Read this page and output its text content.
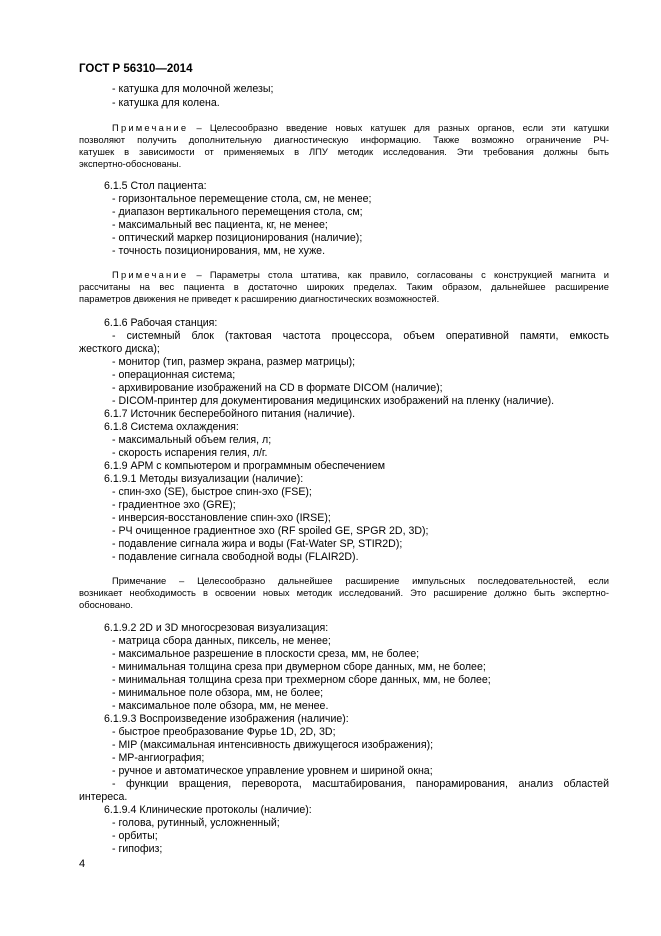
ГОСТ Р 56310—2014
- катушка для молочной железы;
- катушка для колена.
Примечание – Целесообразно введение новых катушек для разных органов, если эти катушки
позволяют получить дополнительную диагностическую информацию. Также возможно ограничение РЧ-
катушек в зависимости от применяемых в ЛПУ методик исследования. Эти требования должны быть
экспертно-обоснованы.
6.1.5 Стол пациента:
- горизонтальное перемещение стола, см, не менее;
- диапазон вертикального перемещения стола, см;
- максимальный вес пациента, кг, не менее;
- оптический маркер позиционирования (наличие);
- точность позиционирования, мм, не хуже.
Примечание – Параметры стола штатива, как правило, согласованы с конструкцией магнита и
рассчитаны на вес пациента в достаточно широких пределах. Таким образом, дальнейшее расширение
параметров движения не приведет к расширению диагностических возможностей.
6.1.6 Рабочая станция:
- системный блок (тактовая частота процессора, объем оперативной памяти, емкость
жесткого диска);
- монитор (тип, размер экрана, размер матрицы);
- операционная система;
- архивирование изображений на CD в формате DICOM (наличие);
- DICOM-принтер для документирования медицинских изображений на пленку (наличие).
6.1.7 Источник бесперебойного питания (наличие).
6.1.8 Система охлаждения:
- максимальный объем гелия, л;
- скорость испарения гелия, л/г.
6.1.9 АРМ с компьютером и программным обеспечением
6.1.9.1 Методы визуализации (наличие):
- спин-эхо (SE), быстрое спин-эхо (FSE);
- градиентное эхо (GRE);
- инверсия-восстановление спин-эхо (IRSE);
- РЧ очищенное градиентное эхо (RF spoiled GE, SPGR 2D, 3D);
- подавление сигнала жира и воды (Fat-Water SP, STIR2D);
- подавление сигнала свободной воды (FLAIR2D).
Примечание – Целесообразно дальнейшее расширение импульсных последовательностей, если
возникает необходимость в освоении новых методик исследований. Это расширение должно быть экспертно-
обосновано.
6.1.9.2 2D и 3D многосрезовая визуализация:
- матрица сбора данных, пиксель, не менее;
- максимальное разрешение в плоскости среза, мм, не более;
- минимальная толщина среза при двумерном сборе данных, мм, не более;
- минимальная толщина среза при трехмерном сборе данных, мм, не более;
- минимальное поле обзора, мм, не более;
- максимальное поле обзора, мм, не менее.
6.1.9.3 Воспроизведение изображения (наличие):
- быстрое преобразование Фурье 1D, 2D, 3D;
- MIP (максимальная интенсивность движущегося изображения);
- МР-ангиография;
- ручное и автоматическое управление уровнем и шириной окна;
- функции вращения, переворота, масштабирования, панорамирования, анализ областей
интереса.
6.1.9.4 Клинические протоколы (наличие):
- голова, рутинный, усложненный;
- орбиты;
- гипофиз;
4
